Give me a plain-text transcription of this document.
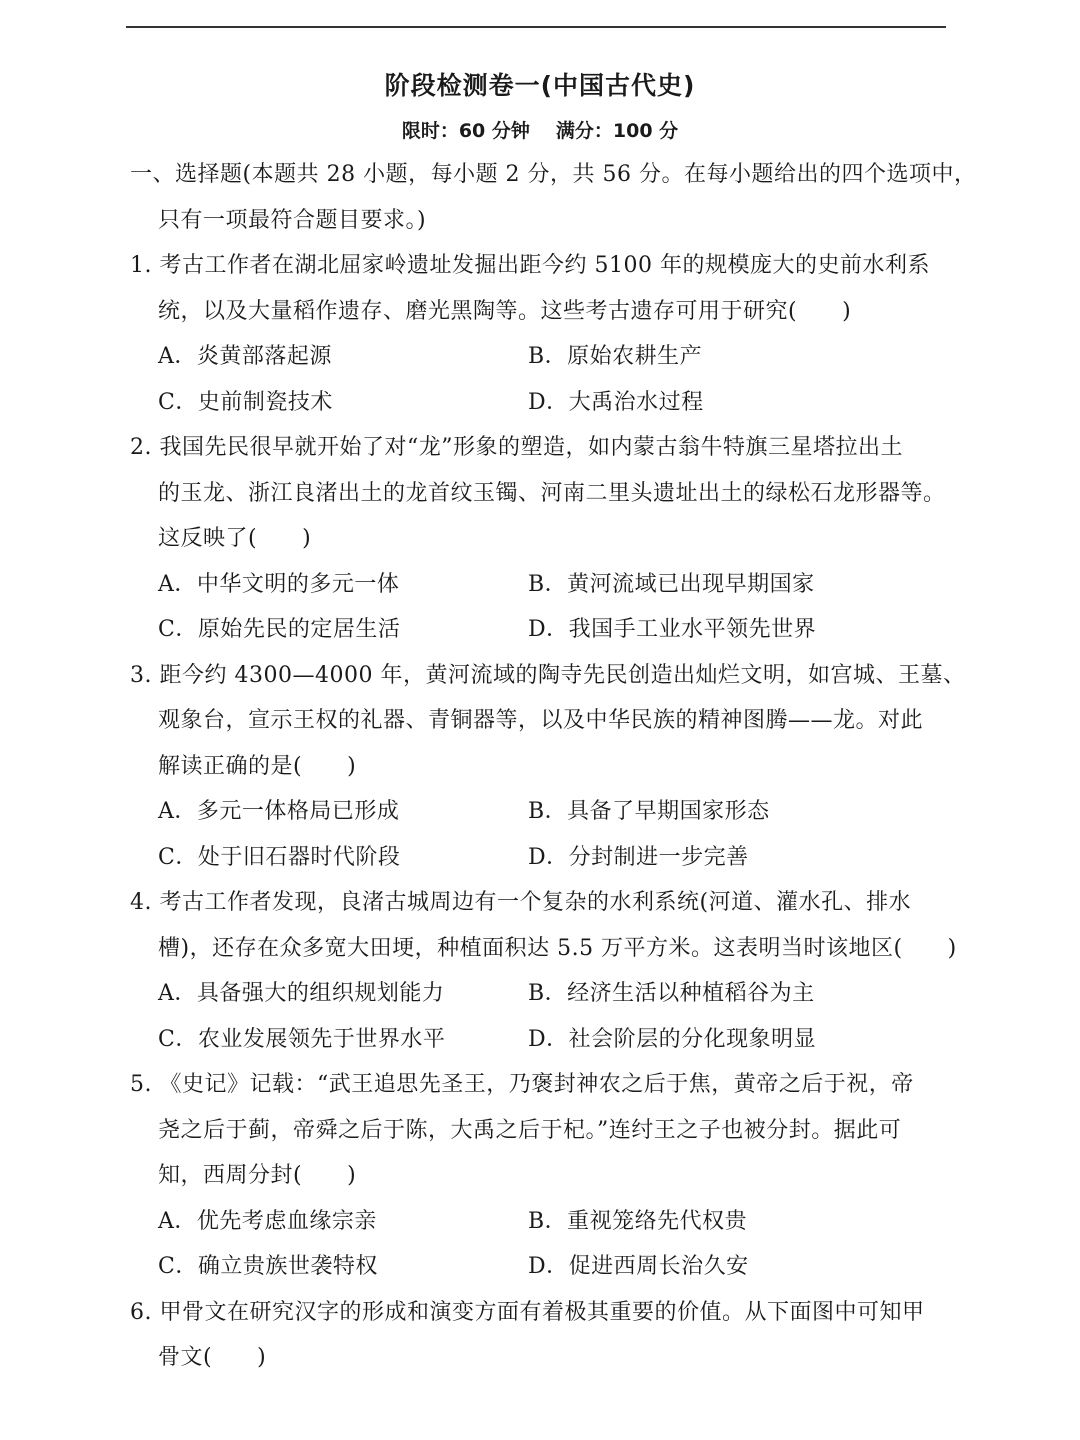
阶段检测卷一(中国古代史)
限时：60 分钟 满分：100 分
一、选择题(本题共 28 小题，每小题 2 分，共 56 分。在每小题给出的四个选项中，
只有一项最符合题目要求。)
1. 考古工作者在湖北屈家岭遗址发掘出距今约 5100 年的规模庞大的史前水利系
统，以及大量稻作遗存、磨光黑陶等。这些考古遗存可用于研究(　　)
A．炎黄部落起源	B．原始农耕生产
C．史前制瓷技术	D．大禹治水过程
2. 我国先民很早就开始了对“龙”形象的塑造，如内蒙古翁牛特旗三星塔拉出土
的玉龙、浙江良渚出土的龙首纹玉镯、河南二里头遗址出土的绿松石龙形器等。
这反映了(　　)
A．中华文明的多元一体	B．黄河流域已出现早期国家
C．原始先民的定居生活	D．我国手工业水平领先世界
3. 距今约 4300—4000 年，黄河流域的陶寺先民创造出灿烂文明，如宫城、王墓、
观象台，宣示王权的礼器、青铜器等，以及中华民族的精神图腾——龙。对此
解读正确的是(　　)
A．多元一体格局已形成	B．具备了早期国家形态
C．处于旧石器时代阶段	D．分封制进一步完善
4. 考古工作者发现，良渚古城周边有一个复杂的水利系统(河道、灌水孔、排水
槽)，还存在众多宽大田埂，种植面积达 5.5 万平方米。这表明当时该地区(　　)
A．具备强大的组织规划能力	B．经济生活以种植稻谷为主
C．农业发展领先于世界水平	D．社会阶层的分化现象明显
5. 《史记》记载：“武王追思先圣王，乃褒封神农之后于焦，黄帝之后于祝，帝
尧之后于蓟，帝舜之后于陈，大禹之后于杞。”连纣王之子也被分封。据此可
知，西周分封(　　)
A．优先考虑血缘宗亲	B．重视笼络先代权贵
C．确立贵族世袭特权	D．促进西周长治久安
6. 甲骨文在研究汉字的形成和演变方面有着极其重要的价值。从下面图中可知甲
骨文(　　)
